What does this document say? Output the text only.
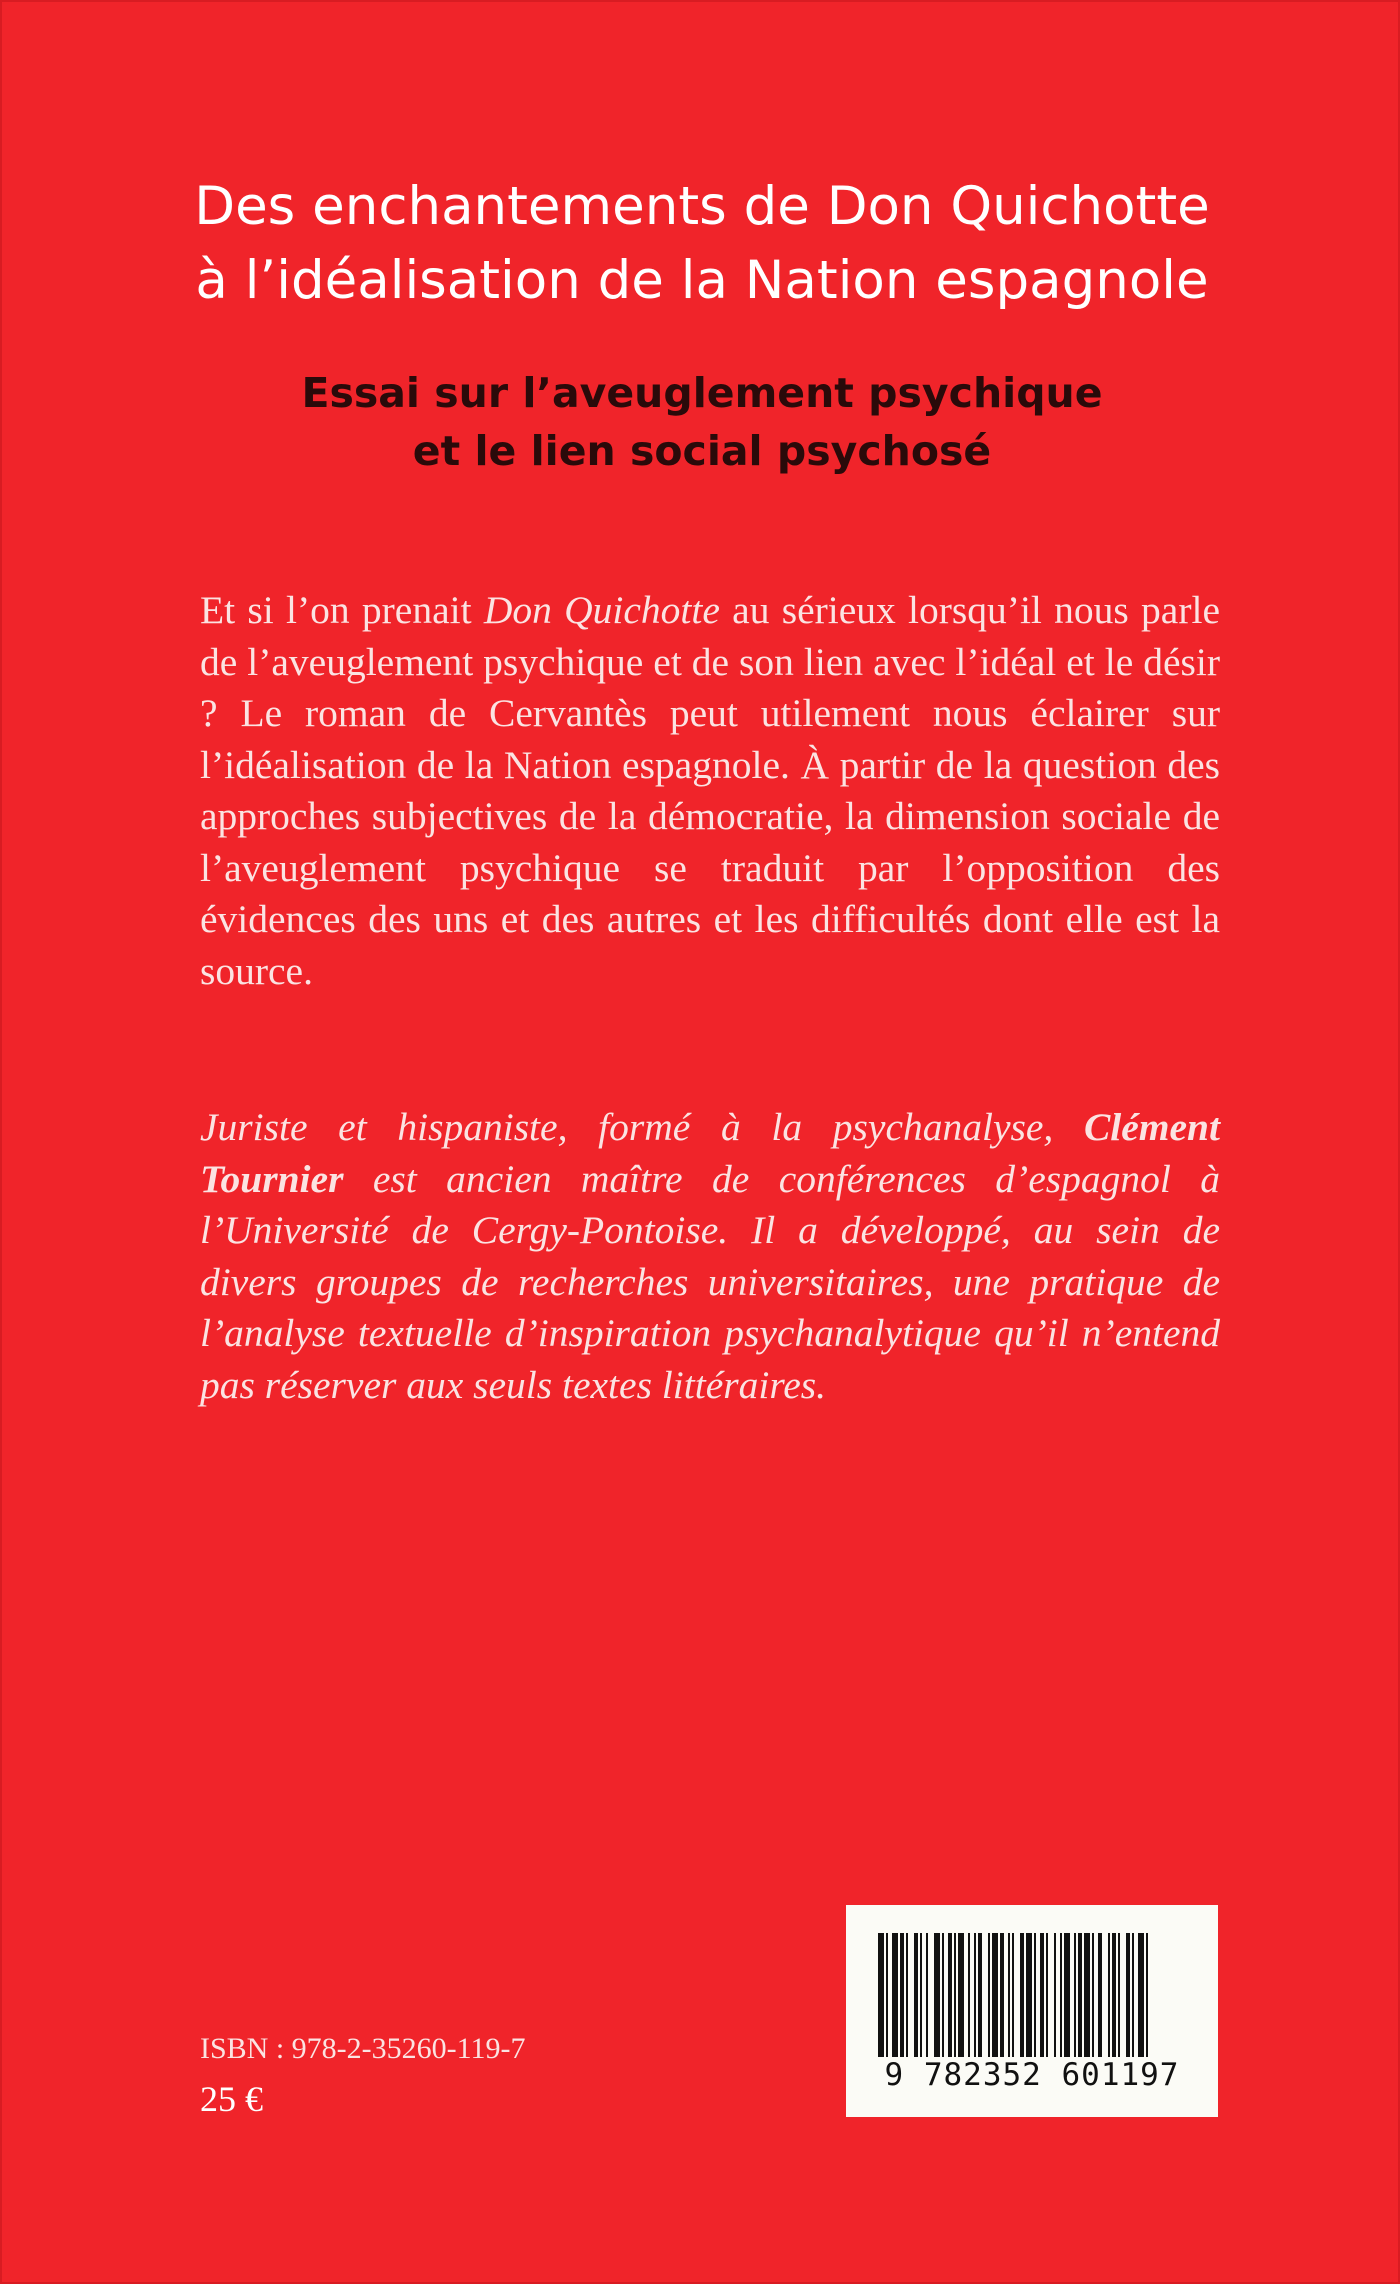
Des enchantements de Don Quichotte
à l’idéalisation de la Nation espagnole
Essai sur l’aveuglement psychique
et le lien social psychosé

Et si l’on prenait Don Quichotte au sérieux lorsqu’il nous parle de l’aveuglement psychique et de son lien avec l’idéal et le désir ? Le roman de Cervantès peut utilement nous éclairer sur l’idéalisation de la Nation espagnole. À partir de la question des approches subjectives de la démocratie, la dimension sociale de l’aveuglement psychique se traduit par l’opposition des évidences des uns et des autres et les difficultés dont elle est la source.

Juriste et hispaniste, formé à la psychanalyse, Clément Tournier est ancien maître de conférences d’espagnol à l’Université de Cergy-Pontoise. Il a développé, au sein de divers groupes de recherches universitaires, une pratique de l’analyse textuelle d’inspiration psychanalytique qu’il n’entend pas réserver aux seuls textes littéraires.

ISBN : 978-2-35260-119-7

25 €

9 782352 601197
